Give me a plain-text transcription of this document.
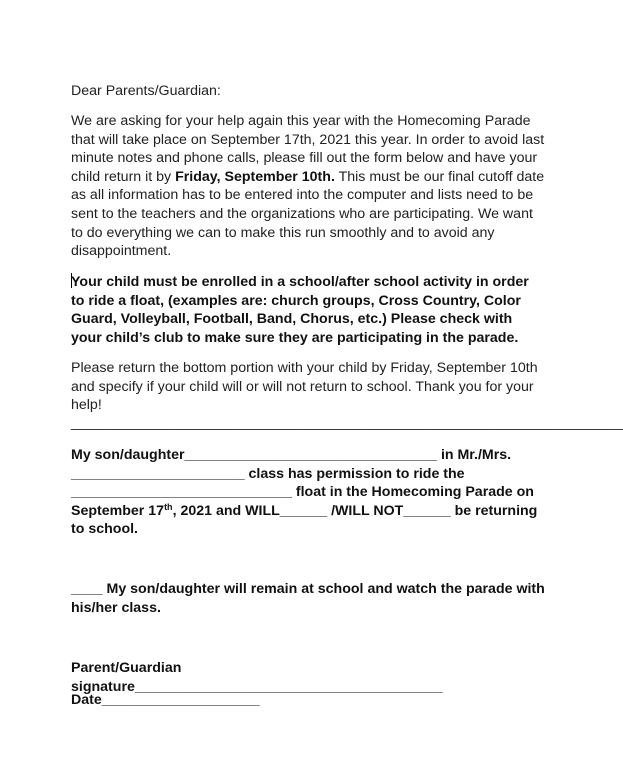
Dear Parents/Guardian:

We are asking for your help again this year with the Homecoming Parade that will take place on September 17th, 2021 this year. In order to avoid last minute notes and phone calls, please fill out the form below and have your child return it by Friday, September 10th. This must be our final cutoff date as all information has to be entered into the computer and lists need to be sent to the teachers and the organizations who are participating. We want to do everything we can to make this run smoothly and to avoid any disappointment.

Your child must be enrolled in a school/after school activity in order to ride a float, (examples are: church groups, Cross Country, Color Guard, Volleyball, Football, Band, Chorus, etc.) Please check with your child’s club to make sure they are participating in the parade.

Please return the bottom portion with your child by Friday, September 10th and specify if your child will or will not return to school. Thank you for your help!

______________________________________________________________________
My son/daughter________________________________ in Mr./Mrs.
______________________ class has permission to ride the
____________________________ float in the Homecoming Parade on
September 17th, 2021 and WILL______ /WILL NOT______ be returning
to school.

____ My son/daughter will remain at school and watch the parade with his/her class.

Parent/Guardian signature_______________________________________

Date____________________
